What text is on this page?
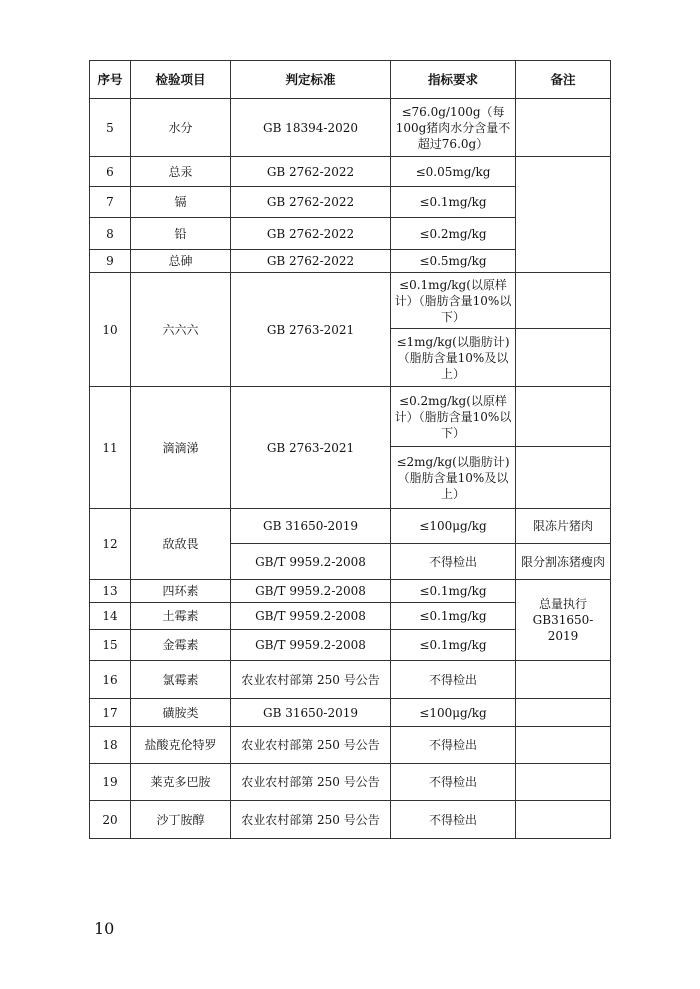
序号	检验项目	判定标准	指标要求	备注
5	水分	GB 18394-2020	≤76.0g/100g（每100g猪肉水分含量不超过76.0g）	
6	总汞	GB 2762-2022	≤0.05mg/kg	
7	镉	GB 2762-2022	≤0.1mg/kg	
8	铅	GB 2762-2022	≤0.2mg/kg	
9	总砷	GB 2762-2022	≤0.5mg/kg	
10	六六六	GB 2763-2021	≤0.1mg/kg(以原样计）（脂肪含量10%以下）	
			≤1mg/kg(以脂肪计)（脂肪含量10%及以上）	
11	滴滴涕	GB 2763-2021	≤0.2mg/kg(以原样计）（脂肪含量10%以下）	
			≤2mg/kg(以脂肪计)（脂肪含量10%及以上）	
12	敌敌畏	GB 31650-2019	≤100μg/kg	限冻片猪肉
		GB/T 9959.2-2008	不得检出	限分割冻猪瘦肉
13	四环素	GB/T 9959.2-2008	≤0.1mg/kg	总量执行GB31650-2019
14	土霉素	GB/T 9959.2-2008	≤0.1mg/kg	
15	金霉素	GB/T 9959.2-2008	≤0.1mg/kg	
16	氯霉素	农业农村部第 250 号公告	不得检出	
17	磺胺类	GB 31650-2019	≤100μg/kg	
18	盐酸克伦特罗	农业农村部第 250 号公告	不得检出	
19	莱克多巴胺	农业农村部第 250 号公告	不得检出	
20	沙丁胺醇	农业农村部第 250 号公告	不得检出	
10
